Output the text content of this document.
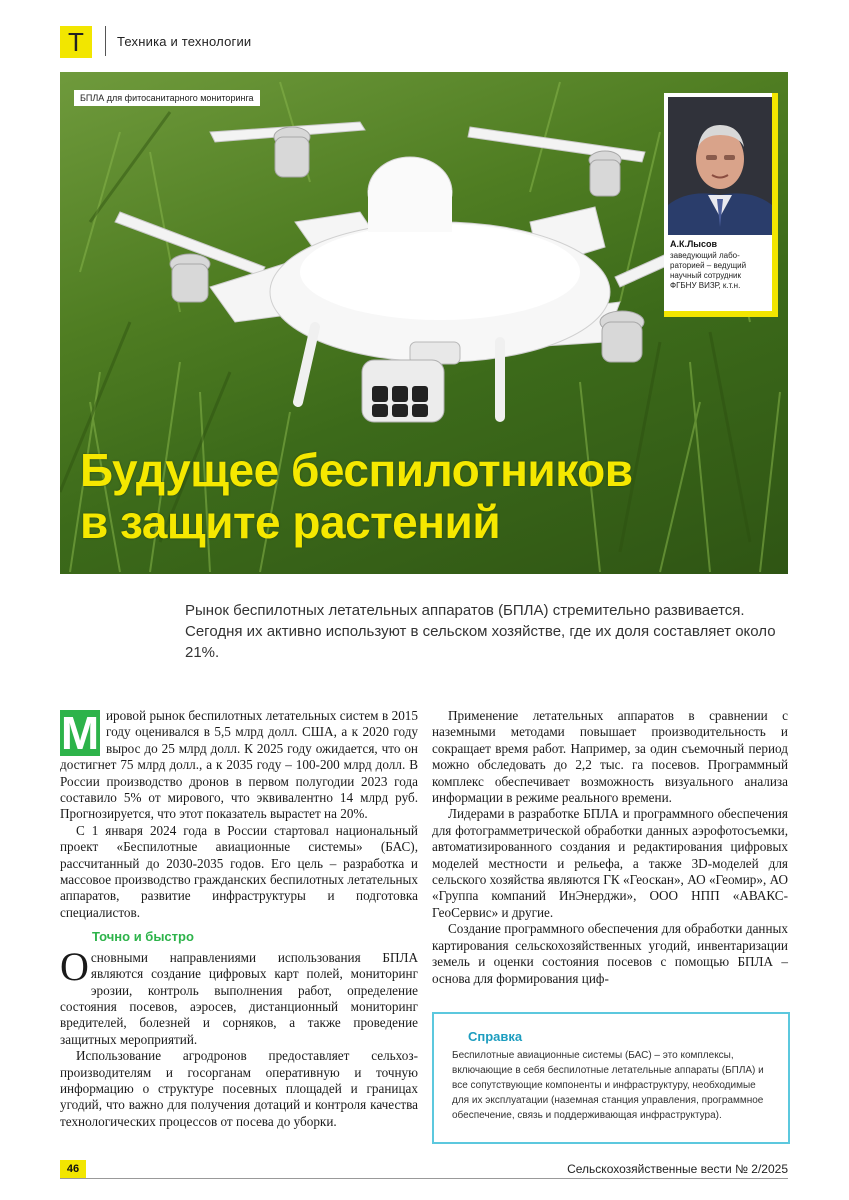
Т	Техника и технологии
БПЛА для фитосанитарного мониторинга
Будущее беспилотников
в защите растений
А.К.Лысов
заведующий лабораторией – ведущий научный сотрудник ФГБНУ ВИЗР, к.т.н.
Рынок беспилотных летательных аппаратов (БПЛА) стремительно развивается. Сегодня их активно используют в сельском хозяйстве, где их доля составляет около 21%.

М ировой рынок беспилотных летательных систем в 2015 году оценивался в 5,5 млрд долл. США, а к 2020 году вырос до 25 млрд долл. К 2025 году ожидается, что он достигнет 75 млрд долл., а к 2035 году – 100-200 млрд долл. В России производство дронов в первом полугодии 2023 года составило 5% от мирового, что эквивалентно 14 млрд руб. Прогнозируется, что этот показатель вырастет на 20%.

С 1 января 2024 года в России стартовал национальный проект «Беспилотные авиационные системы» (БАС), рассчитанный до 2030-2035 годов. Его цель – разработка и массовое производство гражданских беспилотных летательных аппаратов, развитие инфраструктуры и подготовка специалистов.

Точно и быстро

Основными направлениями использования БПЛА являются создание цифровых карт полей, мониторинг эрозии, контроль выполнения работ, определение состояния посевов, аэросев, дистанционный мониторинг вредителей, болезней и сорняков, а также проведение защитных мероприятий.

Использование агродронов предоставляет сельхозпроизводителям и госорганам оперативную и точную информацию о структуре посевных площадей и границах угодий, что важно для получения дотаций и контроля качества технологических процессов от посева до уборки.

Применение летательных аппаратов в сравнении с наземными методами повышает производительность и сокращает время работ. Например, за один съемочный период можно обследовать до 2,2 тыс. га посевов. Программный комплекс обеспечивает возможность визуального анализа информации в режиме реального времени.

Лидерами в разработке БПЛА и программного обеспечения для фотограмметрической обработки данных аэрофотосъемки, автоматизированного создания и редактирования цифровых моделей местности и рельефа, а также 3D-моделей для сельского хозяйства являются ГК «Геоскан», АО «Геомир», АО «Группа компаний ИнЭнерджи», ООО НПП «АВАКС-ГеоСервис» и другие.

Создание программного обеспечения для обработки данных картирования сельскохозяйственных угодий, инвентаризации земель и оценки состояния посевов с помощью БПЛА – основа для формирования циф-

Справка
Беспилотные авиационные системы (БАС) – это комплексы, включающие в себя беспилотные летательные аппараты (БПЛА) и все сопутствующие компоненты и инфраструктуру, необходимые для их эксплуатации (наземная станция управления, программное обеспечение, связь и поддерживающая инфраструктура).
46	Сельскохозяйственные вести № 2/2025
